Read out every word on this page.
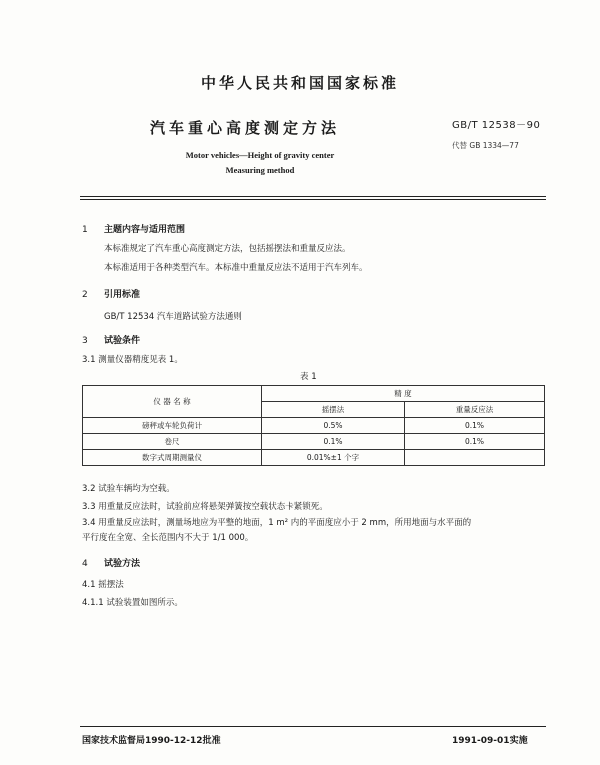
中华人民共和国国家标准
汽车重心高度测定方法	GB/T 12538－90
代替 GB 1334—77
Motor vehicles—Height of gravity center
Measuring method
1 主题内容与适用范围
本标准规定了汽车重心高度测定方法，包括摇摆法和重量反应法。
本标准适用于各种类型汽车。本标准中重量反应法不适用于汽车列车。
2 引用标准
GB/T 12534 汽车道路试验方法通则
3 试验条件
3.1 测量仪器精度见表 1。
表 1
仪 器 名 称	精 度	
	摇摆法	重量反应法
磅秤或车轮负荷计	0.5%	0.1%
卷尺	0.1%	0.1%
数字式周期测量仪	0.01%±1 个字	
3.2 试验车辆均为空载。
3.3 用重量反应法时，试验前应将悬架弹簧按空载状态卡紧锁死。
3.4 用重量反应法时，测量场地应为平整的地面，1 m² 内的平面度应小于 2 mm，所用地面与水平面的
平行度在全宽、全长范围内不大于 1/1 000。
4 试验方法
4.1 摇摆法
4.1.1 试验装置如图所示。
国家技术监督局1990-12-12批准	1991-09-01实施
